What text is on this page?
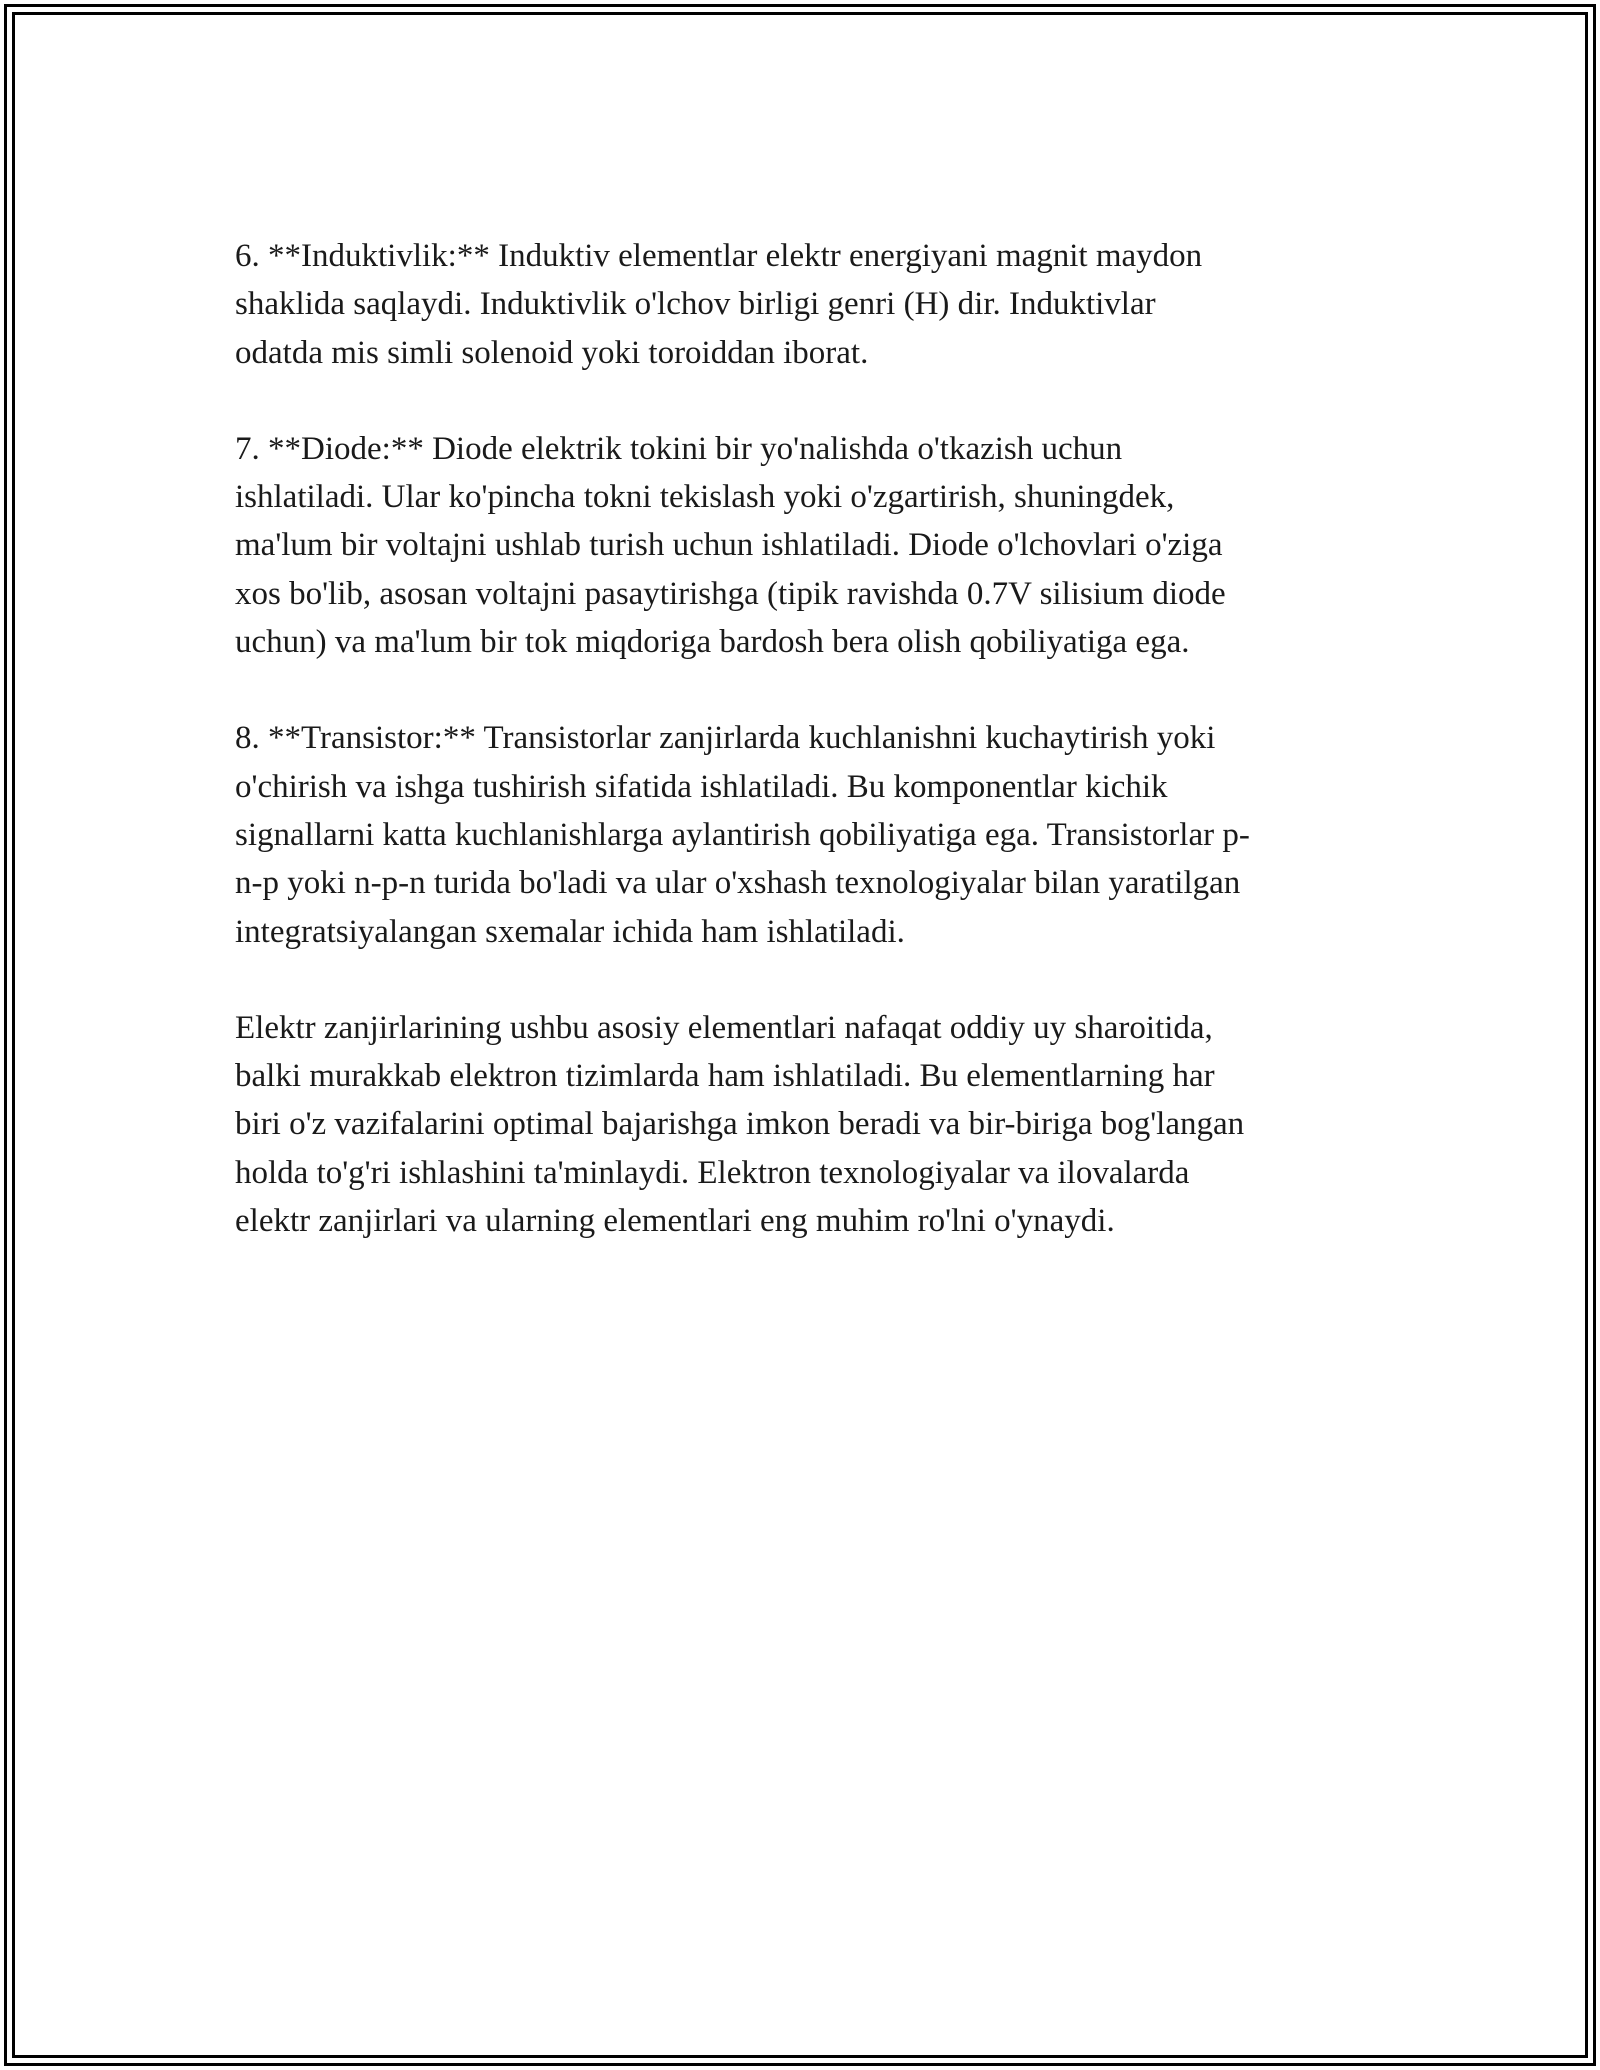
6. **Induktivlik:** Induktiv elementlar elektr energiyani magnit maydon
shaklida saqlaydi. Induktivlik o'lchov birligi genri (H) dir. Induktivlar
odatda mis simli solenoid yoki toroiddan iborat.

7. **Diode:** Diode elektrik tokini bir yo'nalishda o'tkazish uchun
ishlatiladi. Ular ko'pincha tokni tekislash yoki o'zgartirish, shuningdek,
ma'lum bir voltajni ushlab turish uchun ishlatiladi. Diode o'lchovlari o'ziga
xos bo'lib, asosan voltajni pasaytirishga (tipik ravishda 0.7V silisium diode
uchun) va ma'lum bir tok miqdoriga bardosh bera olish qobiliyatiga ega.

8. **Transistor:** Transistorlar zanjirlarda kuchlanishni kuchaytirish yoki
o'chirish va ishga tushirish sifatida ishlatiladi. Bu komponentlar kichik
signallarni katta kuchlanishlarga aylantirish qobiliyatiga ega. Transistorlar p-
n-p yoki n-p-n turida bo'ladi va ular o'xshash texnologiyalar bilan yaratilgan
integratsiyalangan sxemalar ichida ham ishlatiladi.

Elektr zanjirlarining ushbu asosiy elementlari nafaqat oddiy uy sharoitida,
balki murakkab elektron tizimlarda ham ishlatiladi. Bu elementlarning har
biri o'z vazifalarini optimal bajarishga imkon beradi va bir-biriga bog'langan
holda to'g'ri ishlashini ta'minlaydi. Elektron texnologiyalar va ilovalarda
elektr zanjirlari va ularning elementlari eng muhim ro'lni o'ynaydi.
